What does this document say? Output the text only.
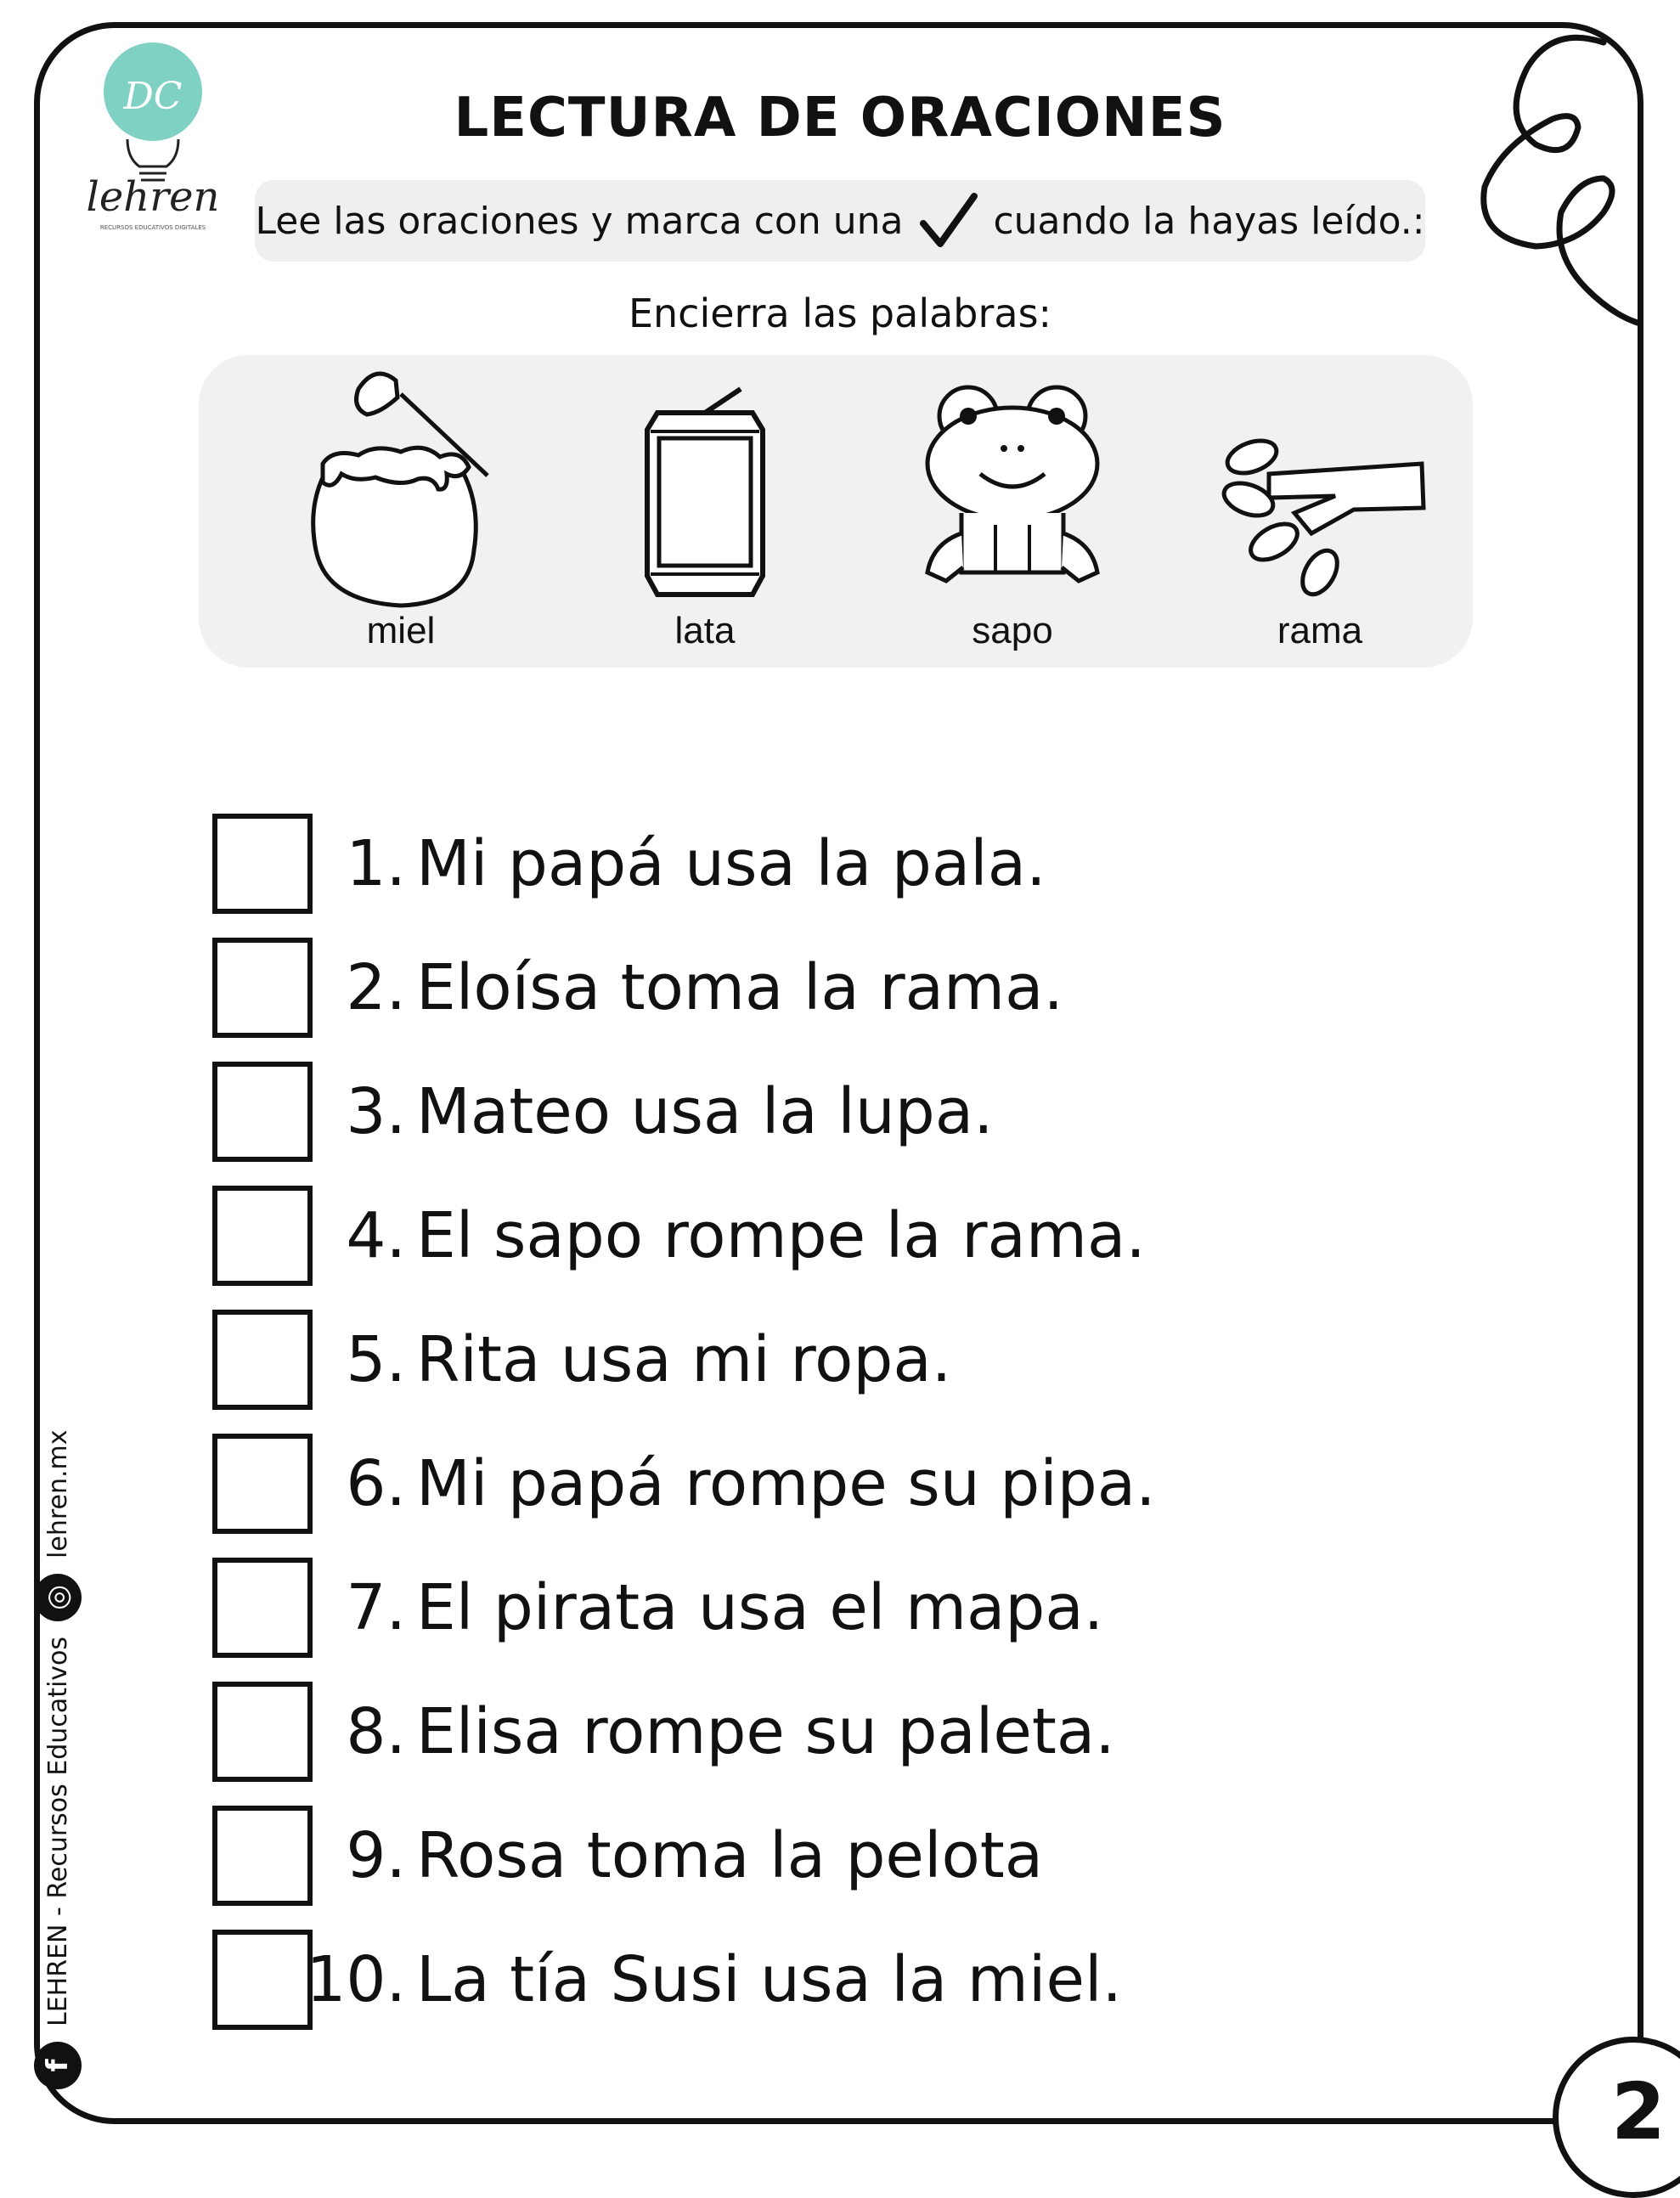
DC
lehren
RECURSOS EDUCATIVOS DIGITALES
LECTURA DE ORACIONES
Lee las oraciones y marca con una cuando la hayas leído.:
Encierra las palabras:
miel	lata	sapo	rama
1. Mi papá usa la pala.
2. Eloísa toma la rama.
3. Mateo usa la lupa.
4. El sapo rompe la rama.
5. Rita usa mi ropa.
6. Mi papá rompe su pipa.
7. El pirata usa el mapa.
8. Elisa rompe su paleta.
9. Rosa toma la pelota
10. La tía Susi usa la miel.
f
LEHREN - Recursos Educativos
◎
lehren.mx
2
